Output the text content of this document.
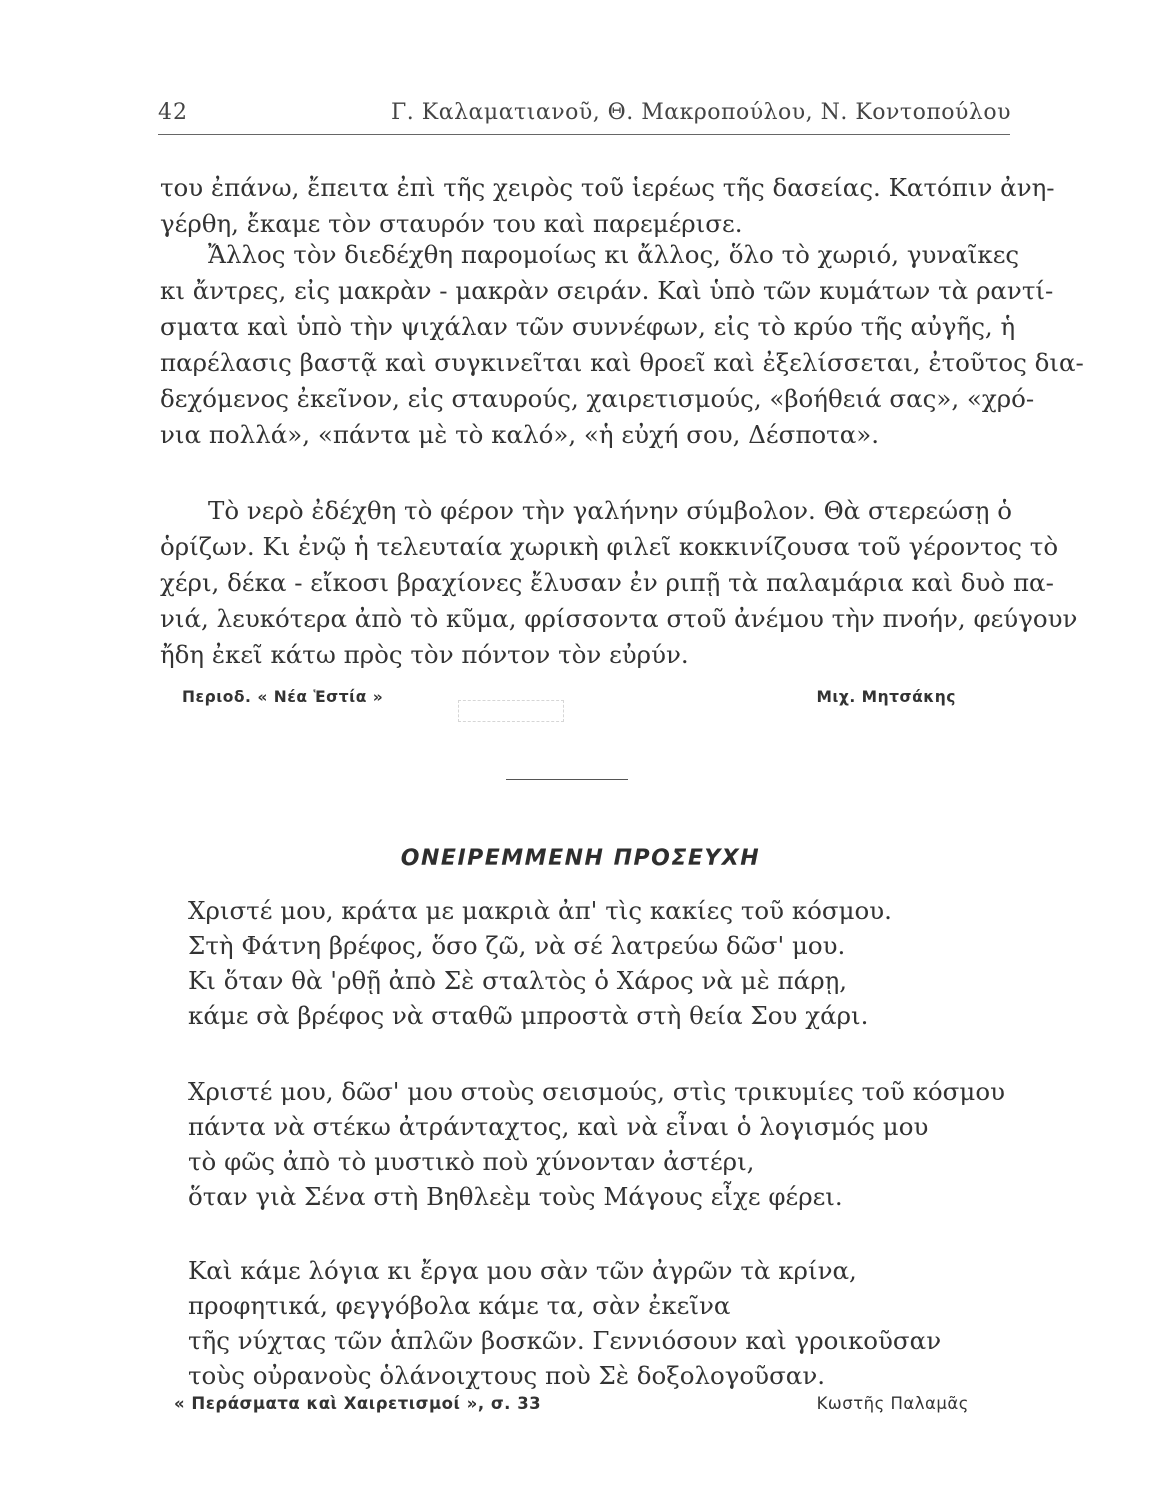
42	Γ. Καλαματιανοῦ, Θ. Μακροπούλου, Ν. Κοντοπούλου
του ἐπάνω, ἔπειτα ἐπὶ τῆς χειρὸς τοῦ ἱερέως τῆς δασείας. Κατόπιν ἀνη-
γέρθη, ἔκαμε τὸν σταυρόν του καὶ παρεμέρισε.
Ἄλλος τὸν διεδέχθη παρομοίως κι ἄλλος, ὅλο τὸ χωριό, γυναῖκες
κι ἄντρες, εἰς μακρὰν - μακρὰν σειράν. Καὶ ὑπὸ τῶν κυμάτων τὰ ραντί-
σματα καὶ ὑπὸ τὴν ψιχάλαν τῶν συννέφων, εἰς τὸ κρύο τῆς αὐγῆς, ἡ
παρέλασις βαστᾷ καὶ συγκινεῖται καὶ θροεῖ καὶ ἐξελίσσεται, ἐτοῦτος δια-
δεχόμενος ἐκεῖνον, εἰς σταυρούς, χαιρετισμούς, «βοήθειά σας», «χρό-
νια πολλά», «πάντα μὲ τὸ καλό», «ἡ εὐχή σου, Δέσποτα».
Τὸ νερὸ ἐδέχθη τὸ φέρον τὴν γαλήνην σύμβολον. Θὰ στερεώσῃ ὁ
ὁρίζων. Κι ἐνῷ ἡ τελευταία χωρικὴ φιλεῖ κοκκινίζουσα τοῦ γέροντος τὸ
χέρι, δέκα - εἴκοσι βραχίονες ἔλυσαν ἐν ριπῇ τὰ παλαμάρια καὶ δυὸ πα-
νιά, λευκότερα ἀπὸ τὸ κῦμα, φρίσσοντα στοῦ ἀνέμου τὴν πνοήν, φεύγουν
ἤδη ἐκεῖ κάτω πρὸς τὸν πόντον τὸν εὐρύν.
Περιοδ. « Νέα Ἑστία »	Μιχ. Μητσάκης
ΟΝΕΙΡΕΜΜΕΝΗ ΠΡΟΣΕΥΧΗ
Χριστέ μου, κράτα με μακριὰ ἀπ' τὶς κακίες τοῦ κόσμου.
Στὴ Φάτνη βρέφος, ὅσο ζῶ, νὰ σέ λατρεύω δῶσ' μου.
Κι ὅταν θὰ 'ρθῇ ἀπὸ Σὲ σταλτὸς ὁ Χάρος νὰ μὲ πάρῃ,
κάμε σὰ βρέφος νὰ σταθῶ μπροστὰ στὴ θεία Σου χάρι.
Χριστέ μου, δῶσ' μου στοὺς σεισμούς, στὶς τρικυμίες τοῦ κόσμου
πάντα νὰ στέκω ἀτράνταχτος, καὶ νὰ εἶναι ὁ λογισμός μου
τὸ φῶς ἀπὸ τὸ μυστικὸ ποὺ χύνονταν ἀστέρι,
ὅταν γιὰ Σένα στὴ Βηθλεὲμ τοὺς Μάγους εἶχε φέρει.
Καὶ κάμε λόγια κι ἔργα μου σὰν τῶν ἀγρῶν τὰ κρίνα,
προφητικά, φεγγόβολα κάμε τα, σὰν ἐκεῖνα
τῆς νύχτας τῶν ἁπλῶν βοσκῶν. Γεννιόσουν καὶ γροικοῦσαν
τοὺς οὐρανοὺς ὁλάνοιχτους ποὺ Σὲ δοξολογοῦσαν.
« Περάσματα καὶ Χαιρετισμοί », σ. 33	Κωστῆς Παλαμᾶς
